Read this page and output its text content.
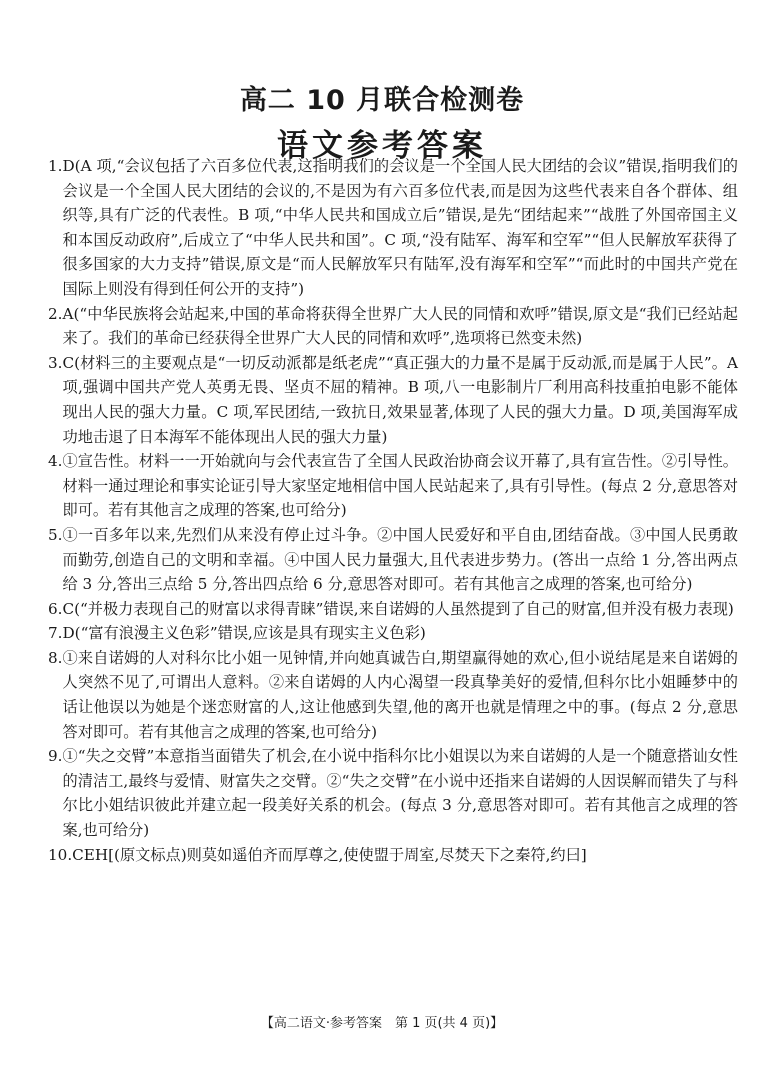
高二 10 月联合检测卷
语文参考答案
1. D(A 项,“会议包括了六百多位代表,这指明我们的会议是一个全国人民大团结的会议”错误,指明我们的会议是一个全国人民大团结的会议的,不是因为有六百多位代表,而是因为这些代表来自各个群体、组织等,具有广泛的代表性。B 项,“中华人民共和国成立后”错误,是先“团结起来”“战胜了外国帝国主义和本国反动政府”,后成立了“中华人民共和国”。C 项,“没有陆军、海军和空军”“但人民解放军获得了很多国家的大力支持”错误,原文是“而人民解放军只有陆军,没有海军和空军”“而此时的中国共产党在国际上则没有得到任何公开的支持”)
2. A(“中华民族将会站起来,中国的革命将获得全世界广大人民的同情和欢呼”错误,原文是“我们已经站起来了。我们的革命已经获得全世界广大人民的同情和欢呼”,选项将已然变未然)
3. C(材料三的主要观点是“一切反动派都是纸老虎”“真正强大的力量不是属于反动派,而是属于人民”。A 项,强调中国共产党人英勇无畏、坚贞不屈的精神。B 项,八一电影制片厂利用高科技重拍电影不能体现出人民的强大力量。C 项,军民团结,一致抗日,效果显著,体现了人民的强大力量。D 项,美国海军成功地击退了日本海军不能体现出人民的强大力量)
4. ①宣告性。材料一一开始就向与会代表宣告了全国人民政治协商会议开幕了,具有宣告性。②引导性。材料一通过理论和事实论证引导大家坚定地相信中国人民站起来了,具有引导性。(每点 2 分,意思答对即可。若有其他言之成理的答案,也可给分)
5. ①一百多年以来,先烈们从来没有停止过斗争。②中国人民爱好和平自由,团结奋战。③中国人民勇敢而勤劳,创造自己的文明和幸福。④中国人民力量强大,且代表进步势力。(答出一点给 1 分,答出两点给 3 分,答出三点给 5 分,答出四点给 6 分,意思答对即可。若有其他言之成理的答案,也可给分)
6. C(“并极力表现自己的财富以求得青睐”错误,来自诺姆的人虽然提到了自己的财富,但并没有极力表现)
7. D(“富有浪漫主义色彩”错误,应该是具有现实主义色彩)
8. ①来自诺姆的人对科尔比小姐一见钟情,并向她真诚告白,期望赢得她的欢心,但小说结尾是来自诺姆的人突然不见了,可谓出人意料。②来自诺姆的人内心渴望一段真挚美好的爱情,但科尔比小姐睡梦中的话让他误以为她是个迷恋财富的人,这让他感到失望,他的离开也就是情理之中的事。(每点 2 分,意思答对即可。若有其他言之成理的答案,也可给分)
9. ①“失之交臂”本意指当面错失了机会,在小说中指科尔比小姐误以为来自诺姆的人是一个随意搭讪女性的清洁工,最终与爱情、财富失之交臂。②“失之交臂”在小说中还指来自诺姆的人因误解而错失了与科尔比小姐结识彼此并建立起一段美好关系的机会。(每点 3 分,意思答对即可。若有其他言之成理的答案,也可给分)
10. CEH[(原文标点)则莫如遥伯齐而厚尊之,使使盟于周室,尽焚天下之秦符,约曰]
【高二语文·参考答案　第 1 页(共 4 页)】
